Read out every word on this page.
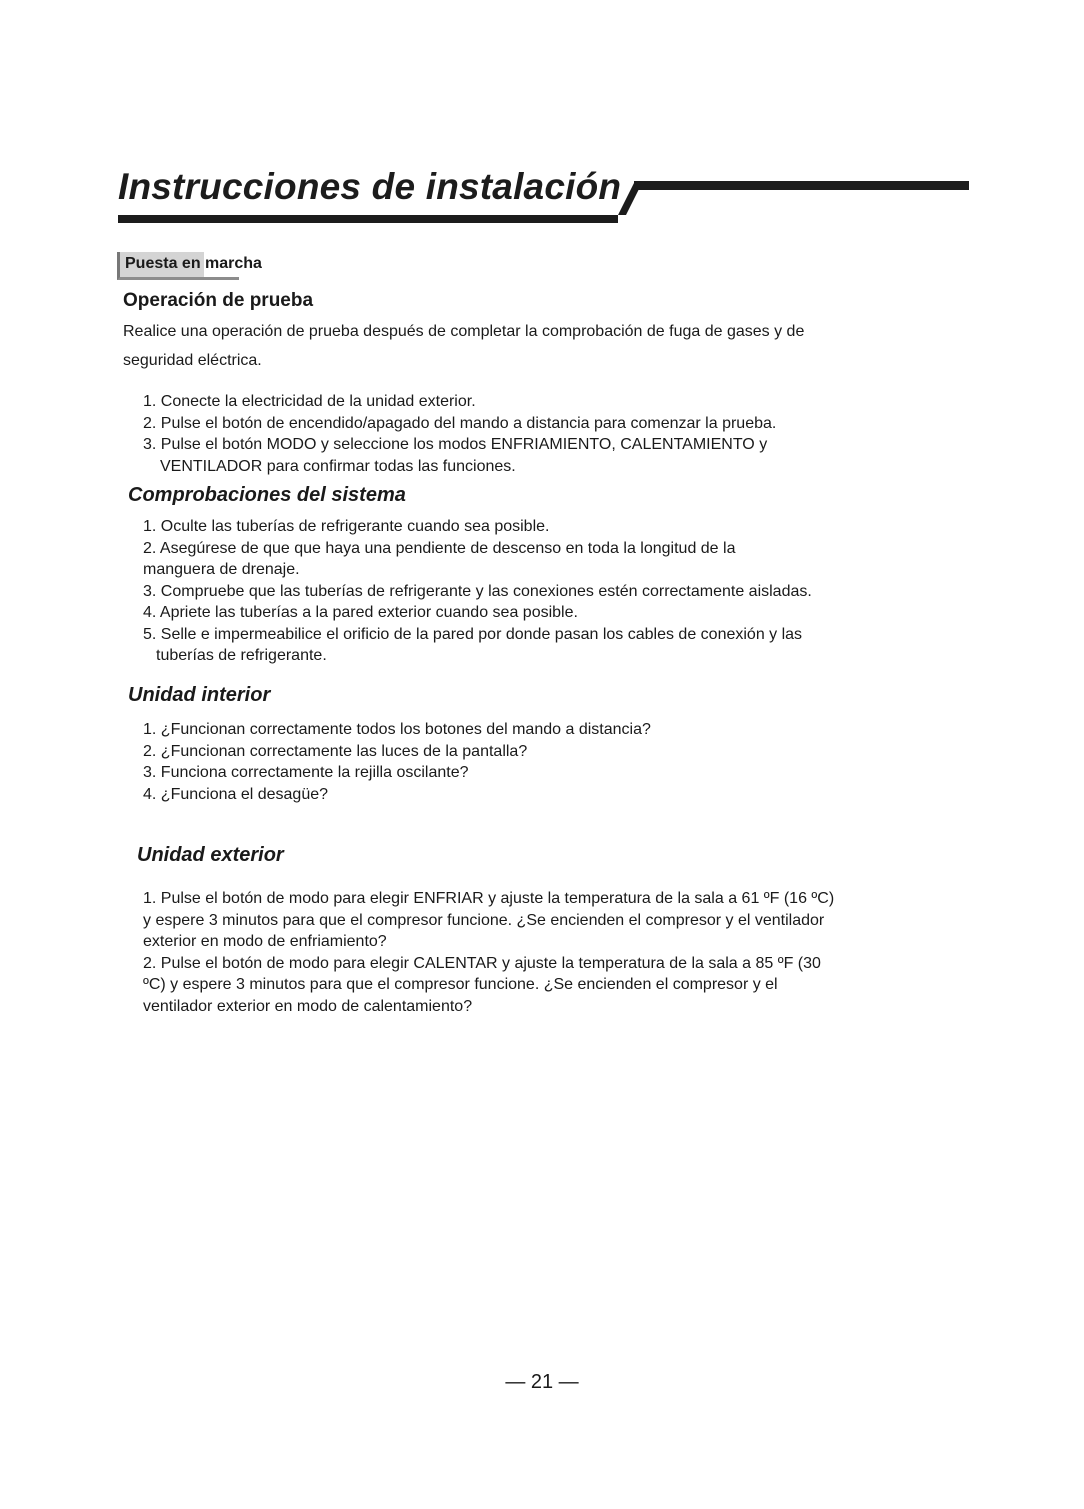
Instrucciones de instalación
Puesta en marcha
Operación de prueba

Realice una operación de prueba después de completar la comprobación de fuga de gases y de
seguridad eléctrica.

1. Conecte la electricidad de la unidad exterior.
2. Pulse el botón de encendido/apagado del mando a distancia para comenzar la prueba.
3. Pulse el botón MODO y seleccione los modos ENFRIAMIENTO, CALENTAMIENTO y
VENTILADOR para confirmar todas las funciones.
Comprobaciones del sistema
1. Oculte las tuberías de refrigerante cuando sea posible.
2. Asegúrese de que que haya una pendiente de descenso en toda la longitud de la
manguera de drenaje.
3. Compruebe que las tuberías de refrigerante y las conexiones estén correctamente aisladas.
4. Apriete las tuberías a la pared exterior cuando sea posible.
5. Selle e impermeabilice el orificio de la pared por donde pasan los cables de conexión y las
tuberías de refrigerante.
Unidad interior
1. ¿Funcionan correctamente todos los botones del mando a distancia?
2. ¿Funcionan correctamente las luces de la pantalla?
3. Funciona correctamente la rejilla oscilante?
4. ¿Funciona el desagüe?
Unidad exterior
1. Pulse el botón de modo para elegir ENFRIAR y ajuste la temperatura de la sala a 61 ºF (16 ºC)
y espere 3 minutos para que el compresor funcione. ¿Se encienden el compresor y el ventilador
exterior en modo de enfriamiento?
2. Pulse el botón de modo para elegir CALENTAR y ajuste la temperatura de la sala a 85 ºF (30
ºC) y espere 3 minutos para que el compresor funcione. ¿Se encienden el compresor y el
ventilador exterior en modo de calentamiento?

— 21 —
